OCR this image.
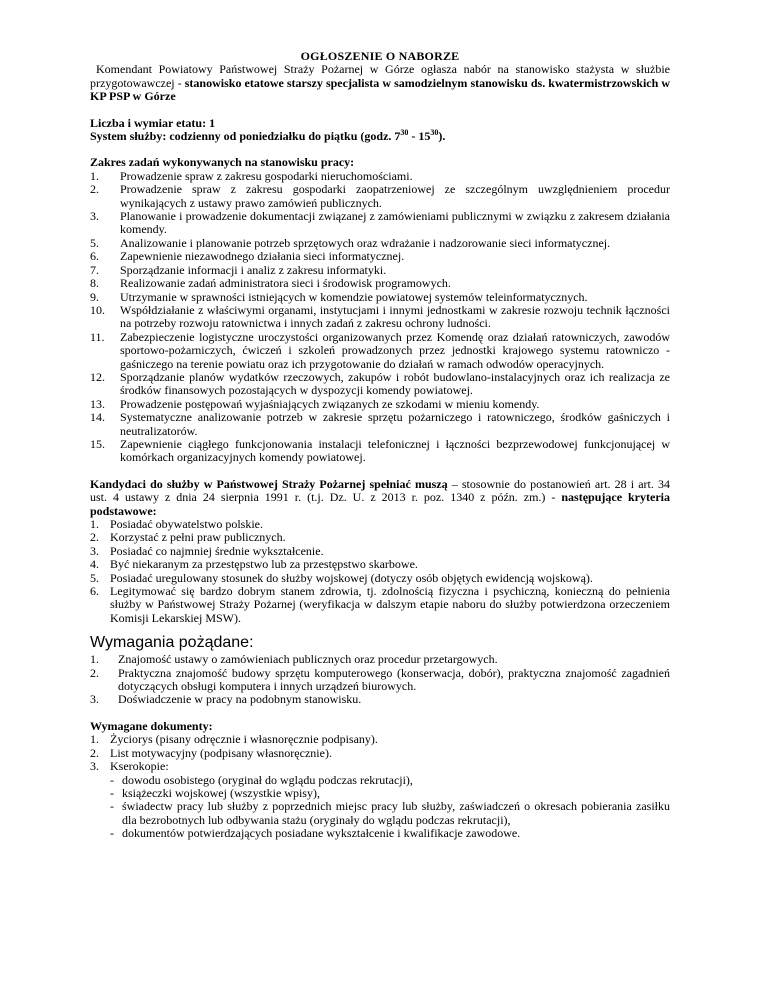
OGŁOSZENIE O NABORZE

Komendant Powiatowy Państwowej Straży Pożarnej w Górze ogłasza nabór na stanowisko stażysta w służbie przygotowawczej - stanowisko etatowe starszy specjalista w samodzielnym stanowisku ds. kwatermistrzowskich w KP PSP w Górze

Liczba i wymiar etatu: 1

System służby: codzienny od poniedziałku do piątku (godz. $7^{30} - 15^{30}$).

Zakres zadań wykonywanych na stanowisku pracy:

1.	Prowadzenie spraw z zakresu gospodarki nieruchomościami.
2.	Prowadzenie spraw z zakresu gospodarki zaopatrzeniowej ze szczególnym uwzględnieniem procedur wynikających z ustawy prawo zamówień publicznych.
3.	Planowanie i prowadzenie dokumentacji związanej z zamówieniami publicznymi w związku z zakresem działania komendy.
5.	Analizowanie i planowanie potrzeb sprzętowych oraz wdrażanie i nadzorowanie sieci informatycznej.
6.	Zapewnienie niezawodnego działania sieci informatycznej.
7.	Sporządzanie informacji i analiz z zakresu informatyki.
8.	Realizowanie zadań administratora sieci i środowisk programowych.
9.	Utrzymanie w sprawności istniejących w komendzie powiatowej systemów teleinformatycznych.
10.	Współdziałanie z właściwymi organami, instytucjami i innymi jednostkami w zakresie rozwoju technik łączności na potrzeby rozwoju ratownictwa i innych zadań z zakresu ochrony ludności.
11.	Zabezpieczenie logistyczne uroczystości organizowanych przez Komendę oraz działań ratowniczych, zawodów sportowo-pożarniczych, ćwiczeń i szkoleń prowadzonych przez jednostki krajowego systemu ratowniczo - gaśniczego na terenie powiatu oraz ich przygotowanie do działań w ramach odwodów operacyjnych.
12.	Sporządzanie planów wydatków rzeczowych, zakupów i robót budowlano-instalacyjnych oraz ich realizacja ze środków finansowych pozostających w dyspozycji komendy powiatowej.
13.	Prowadzenie postępowań wyjaśniających związanych ze szkodami w mieniu komendy.
14.	Systematyczne analizowanie potrzeb w zakresie sprzętu pożarniczego i ratowniczego, środków gaśniczych i neutralizatorów.
15.	Zapewnienie ciągłego funkcjonowania instalacji telefonicznej i łączności bezprzewodowej funkcjonującej w komórkach organizacyjnych komendy powiatowej.

Kandydaci do służby w Państwowej Straży Pożarnej spełniać muszą – stosownie do postanowień art. 28 i art. 34 ust. 4 ustawy z dnia 24 sierpnia 1991 r. (t.j. Dz. U. z 2013 r. poz. 1340 z późn. zm.) - następujące kryteria podstawowe:

1. Posiadać obywatelstwo polskie.
2. Korzystać z pełni praw publicznych.
3. Posiadać co najmniej średnie wykształcenie.
4. Być niekaranym za przestępstwo lub za przestępstwo skarbowe.
5. Posiadać uregulowany stosunek do służby wojskowej (dotyczy osób objętych ewidencją wojskową).
6. Legitymować się bardzo dobrym stanem zdrowia, tj. zdolnością fizyczna i psychiczną, konieczną do pełnienia służby w Państwowej Straży Pożarnej (weryfikacja w dalszym etapie naboru do służby potwierdzona orzeczeniem Komisji Lekarskiej MSW).

Wymagania pożądane:

1.	Znajomość ustawy o zamówieniach publicznych oraz procedur przetargowych.
2.	Praktyczna znajomość budowy sprzętu komputerowego (konserwacja, dobór), praktyczna znajomość zagadnień dotyczących obsługi komputera i innych urządzeń biurowych.
3.	Doświadczenie w pracy na podobnym stanowisku.

Wymagane dokumenty:

1. Życiorys (pisany odręcznie i własnoręcznie podpisany).
2. List motywacyjny (podpisany własnoręcznie).
3. Kserokopie:
- dowodu osobistego (oryginał do wglądu podczas rekrutacji),
- książeczki wojskowej (wszystkie wpisy),
- świadectw pracy lub służby z poprzednich miejsc pracy lub służby, zaświadczeń o okresach pobierania zasiłku dla bezrobotnych lub odbywania stażu (oryginały do wglądu podczas rekrutacji),
- dokumentów potwierdzających posiadane wykształcenie i kwalifikacje zawodowe.
